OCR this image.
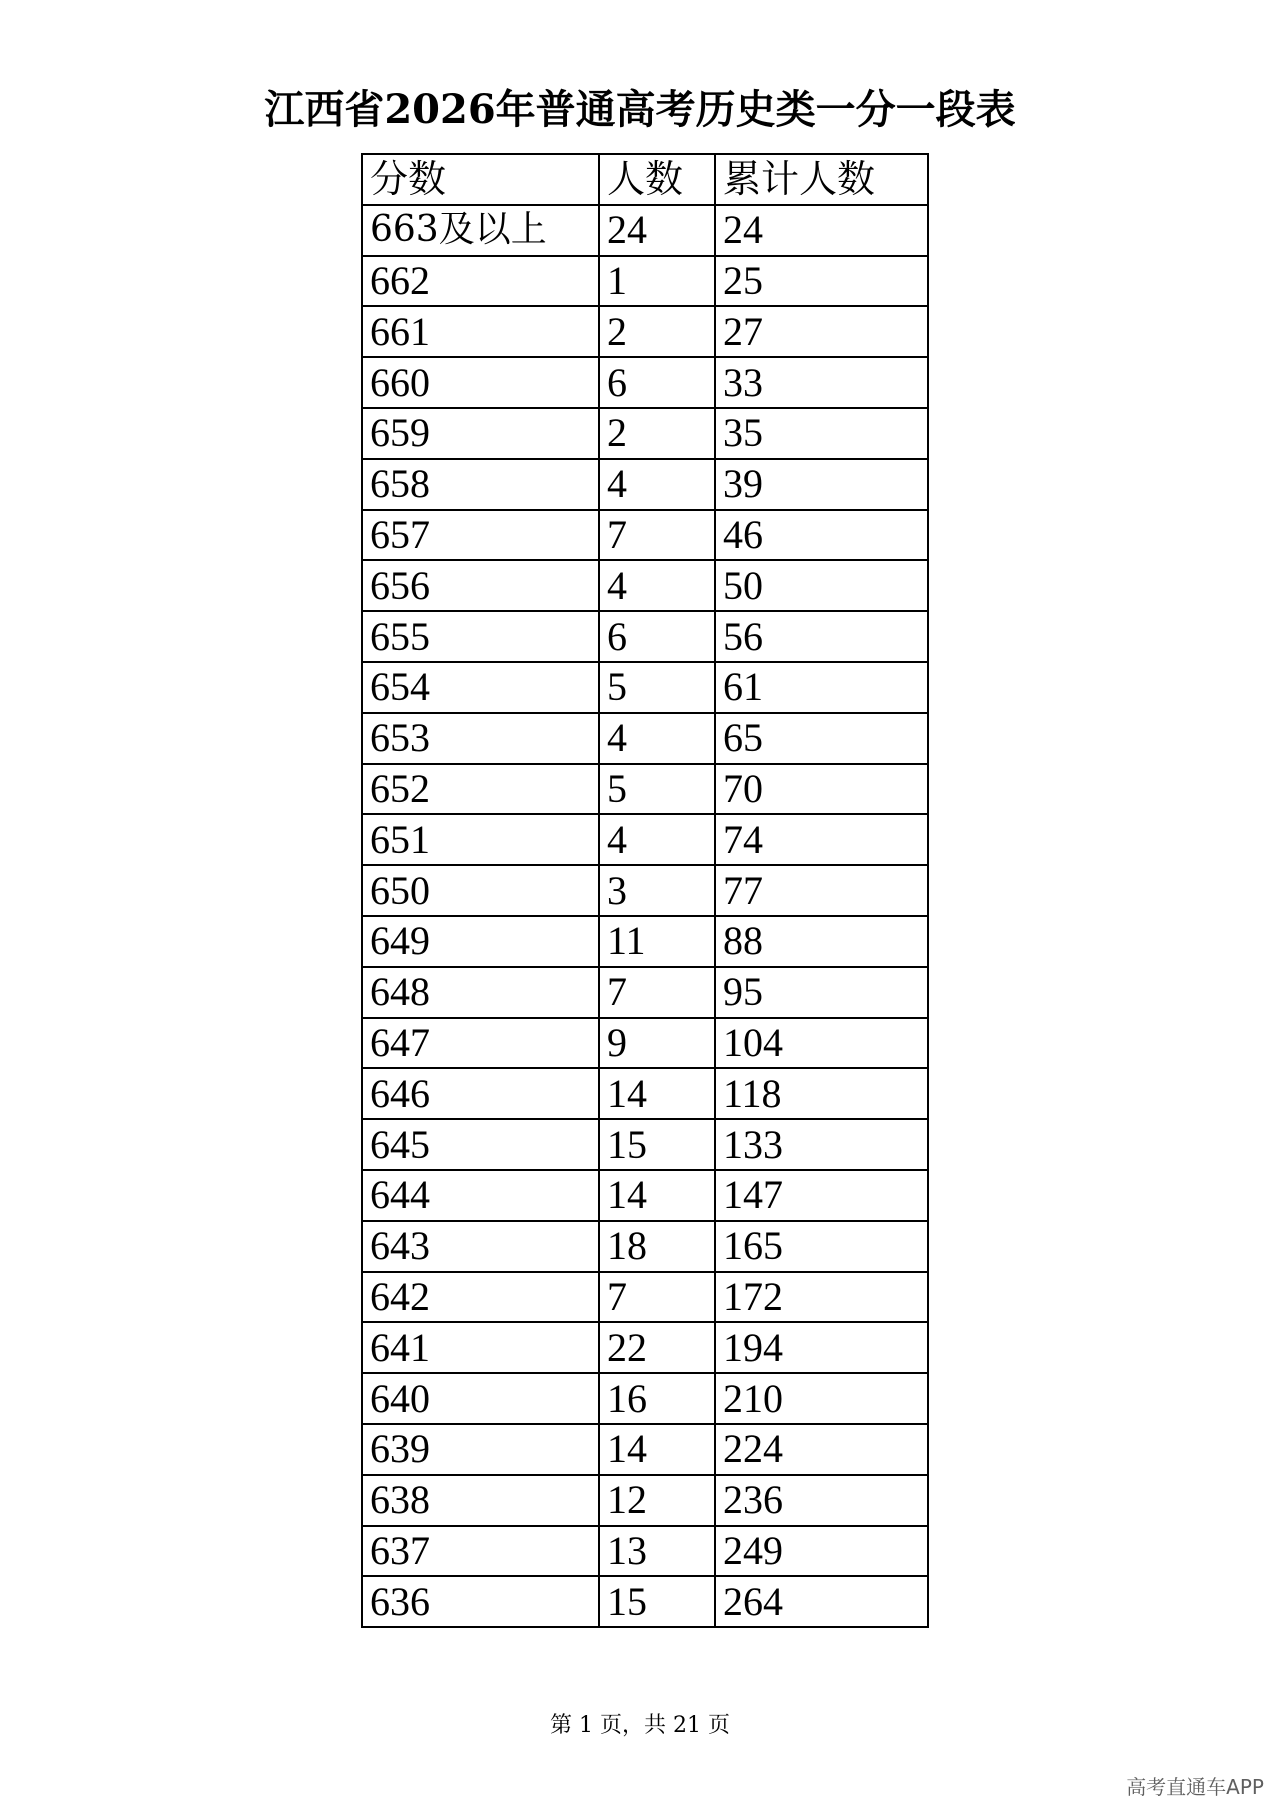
江西省2026年普通高考历史类一分一段表
分数	人数	累计人数
663及以上	24	24
662	1	25
661	2	27
660	6	33
659	2	35
658	4	39
657	7	46
656	4	50
655	6	56
654	5	61
653	4	65
652	5	70
651	4	74
650	3	77
649	11	88
648	7	95
647	9	104
646	14	118
645	15	133
644	14	147
643	18	165
642	7	172
641	22	194
640	16	210
639	14	224
638	12	236
637	13	249
636	15	264
第 1 页，共 21 页
高考直通车APP
